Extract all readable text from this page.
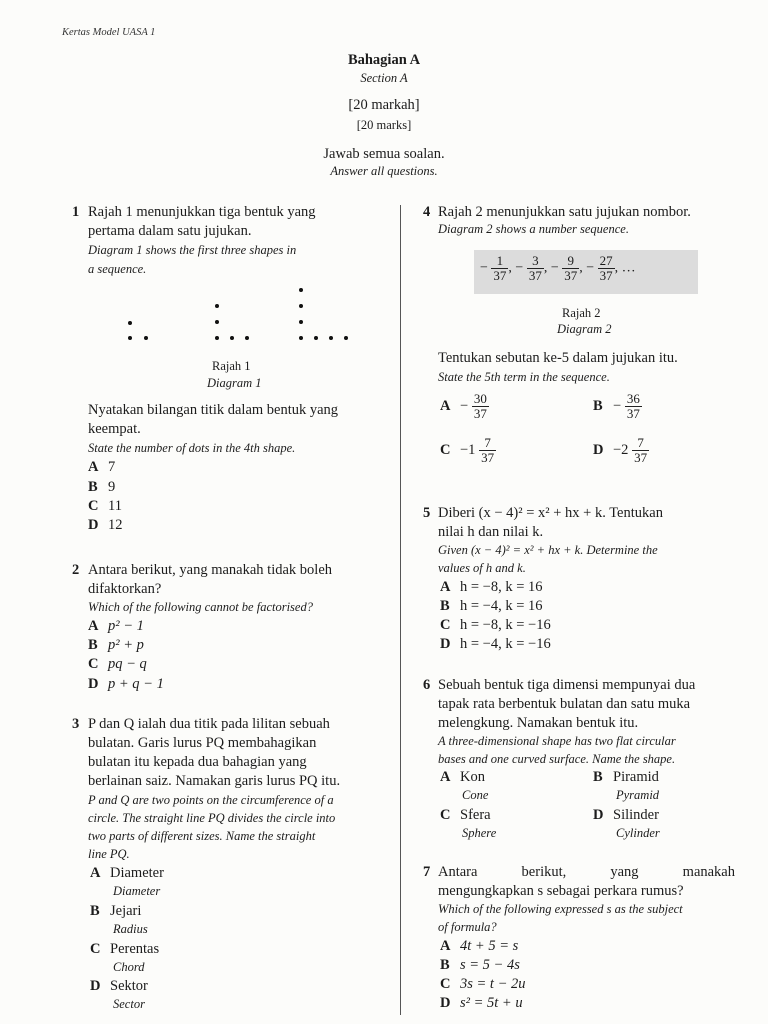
Kertas Model UASA 1
Bahagian A
Section A
[20 markah]
[20 marks]
Jawab semua soalan.
Answer all questions.
1 Rajah 1 menunjukkan tiga bentuk yang
pertama dalam satu jujukan.
Diagram 1 shows the first three shapes in
a sequence.
Rajah 1
Diagram 1
Nyatakan bilangan titik dalam bentuk yang
keempat.
State the number of dots in the 4th shape.
A 7
B 9
C 11
D 12
2 Antara berikut, yang manakah tidak boleh
difaktorkan?
Which of the following cannot be factorised?
A p² − 1
B p² + p
C pq − q
D p + q − 1
3 P dan Q ialah dua titik pada lilitan sebuah
bulatan. Garis lurus PQ membahagikan
bulatan itu kepada dua bahagian yang
berlainan saiz. Namakan garis lurus PQ itu.
P and Q are two points on the circumference of a
circle. The straight line PQ divides the circle into
two parts of different sizes. Name the straight
line PQ.
A Diameter
Diameter
B Jejari
Radius
C Perentas
Chord
D Sektor
Sector
4 Rajah 2 menunjukkan satu jujukan nombor.
Diagram 2 shows a number sequence.
− $\frac{1}{37}$ , − $\frac{3}{37}$ , − $\frac{9}{37}$ , − $\frac{27}{37}$ , …
Rajah 2
Diagram 2
Tentukan sebutan ke-5 dalam jujukan itu.
State the 5th term in the sequence.
$A - \frac{30}{37}$	$B - \frac{36}{37}$
$C -1 \frac{7}{37}$	$D -2 \frac{7}{37}$
5 Diberi (x − 4)² = x² + hx + k. Tentukan
nilai h dan nilai k.
Given (x − 4)² = x² + hx + k. Determine the
values of h and k.
A h = −8, k = 16
B h = −4, k = 16
C h = −8, k = −16
D h = −4, k = −16
6 Sebuah bentuk tiga dimensi mempunyai dua
tapak rata berbentuk bulatan dan satu muka
melengkung. Namakan bentuk itu.
A three-dimensional shape has two flat circular
bases and one curved surface. Name the shape.
A Kon
Cone
B Piramid
Pyramid
C Sfera
Sphere
D Silinder
Cylinder
7 Antara berikut, yang manakah
mengungkapkan s sebagai perkara rumus?
Which of the following expressed s as the subject
of formula?
A 4t + 5 = s
B s = 5 − 4s
C 3s = t − 2u
D s² = 5t + u
